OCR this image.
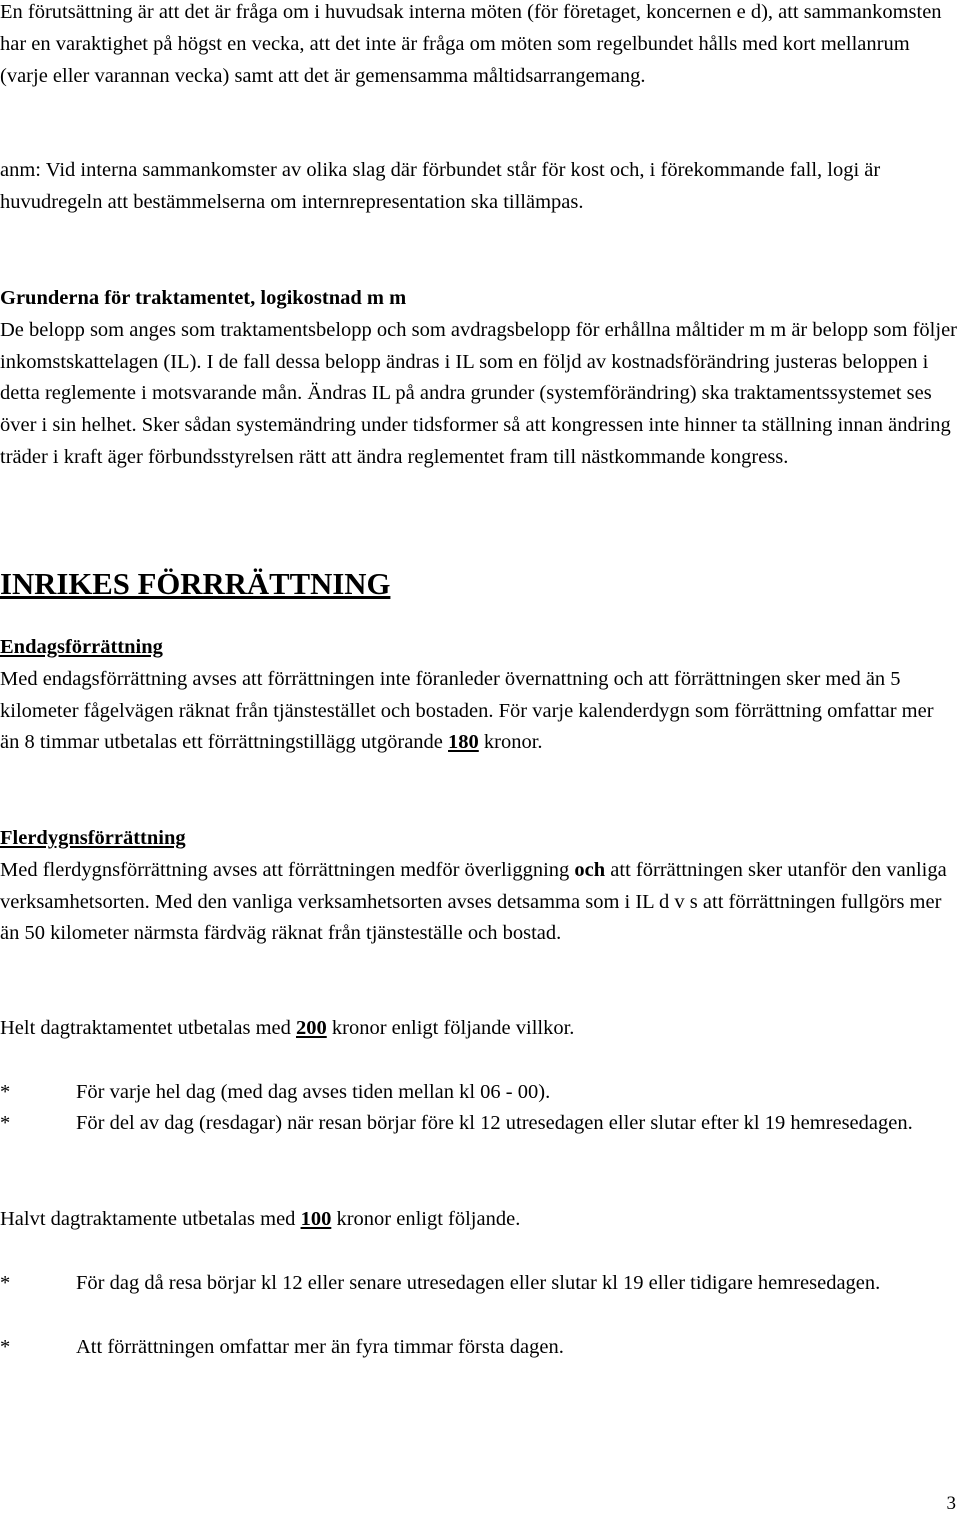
En förutsättning är att det är fråga om i huvudsak interna möten (för företaget, koncernen e d), att sammankomsten har en varaktighet på högst en vecka, att det inte är fråga om möten som regelbundet hålls med kort mellanrum (varje eller varannan vecka) samt att det är gemensamma måltidsarrangemang.

anm: Vid interna sammankomster av olika slag där förbundet står för kost och, i förekommande fall, logi är huvudregeln att bestämmelserna om internrepresentation ska tillämpas.

Grunderna för traktamentet, logikostnad m m
De belopp som anges som traktamentsbelopp och som avdragsbelopp för erhållna måltider m m är belopp som följer inkomstskattelagen (IL). I de fall dessa belopp ändras i IL som en följd av kostnadsförändring justeras beloppen i detta reglemente i motsvarande mån. Ändras IL på andra grunder (systemförändring) ska traktamentssystemet ses över i sin helhet. Sker sådan systemändring under tidsformer så att kongressen inte hinner ta ställning innan ändring träder i kraft äger förbundsstyrelsen rätt att ändra reglementet fram till nästkommande kongress.
INRIKES FÖRRRÄTTNING
Endagsförrättning
Med endagsförrättning avses att förrättningen inte föranleder övernattning och att förrättningen sker med än 5 kilometer fågelvägen räknat från tjänstestället och bostaden. För varje kalenderdygn som förrättning omfattar mer än 8 timmar utbetalas ett förrättningstillägg utgörande 180 kronor.
Flerdygnsförrättning
Med flerdygnsförrättning avses att förrättningen medför överliggning och att förrättningen sker utanför den vanliga verksamhetsorten. Med den vanliga verksamhetsorten avses detsamma som i IL d v s att förrättningen fullgörs mer än 50 kilometer närmsta färdväg räknat från tjänsteställe och bostad.

Helt dagtraktamentet utbetalas med 200 kronor enligt följande villkor.

*	För varje hel dag (med dag avses tiden mellan kl 06 - 00).
*	För del av dag (resdagar) när resan börjar före kl 12 utresedagen eller slutar efter kl 19 hemresedagen.

Halvt dagtraktamente utbetalas med 100 kronor enligt följande.

*	För dag då resa börjar kl 12 eller senare utresedagen eller slutar kl 19 eller tidigare hemresedagen.
*	Att förrättningen omfattar mer än fyra timmar första dagen.
3
